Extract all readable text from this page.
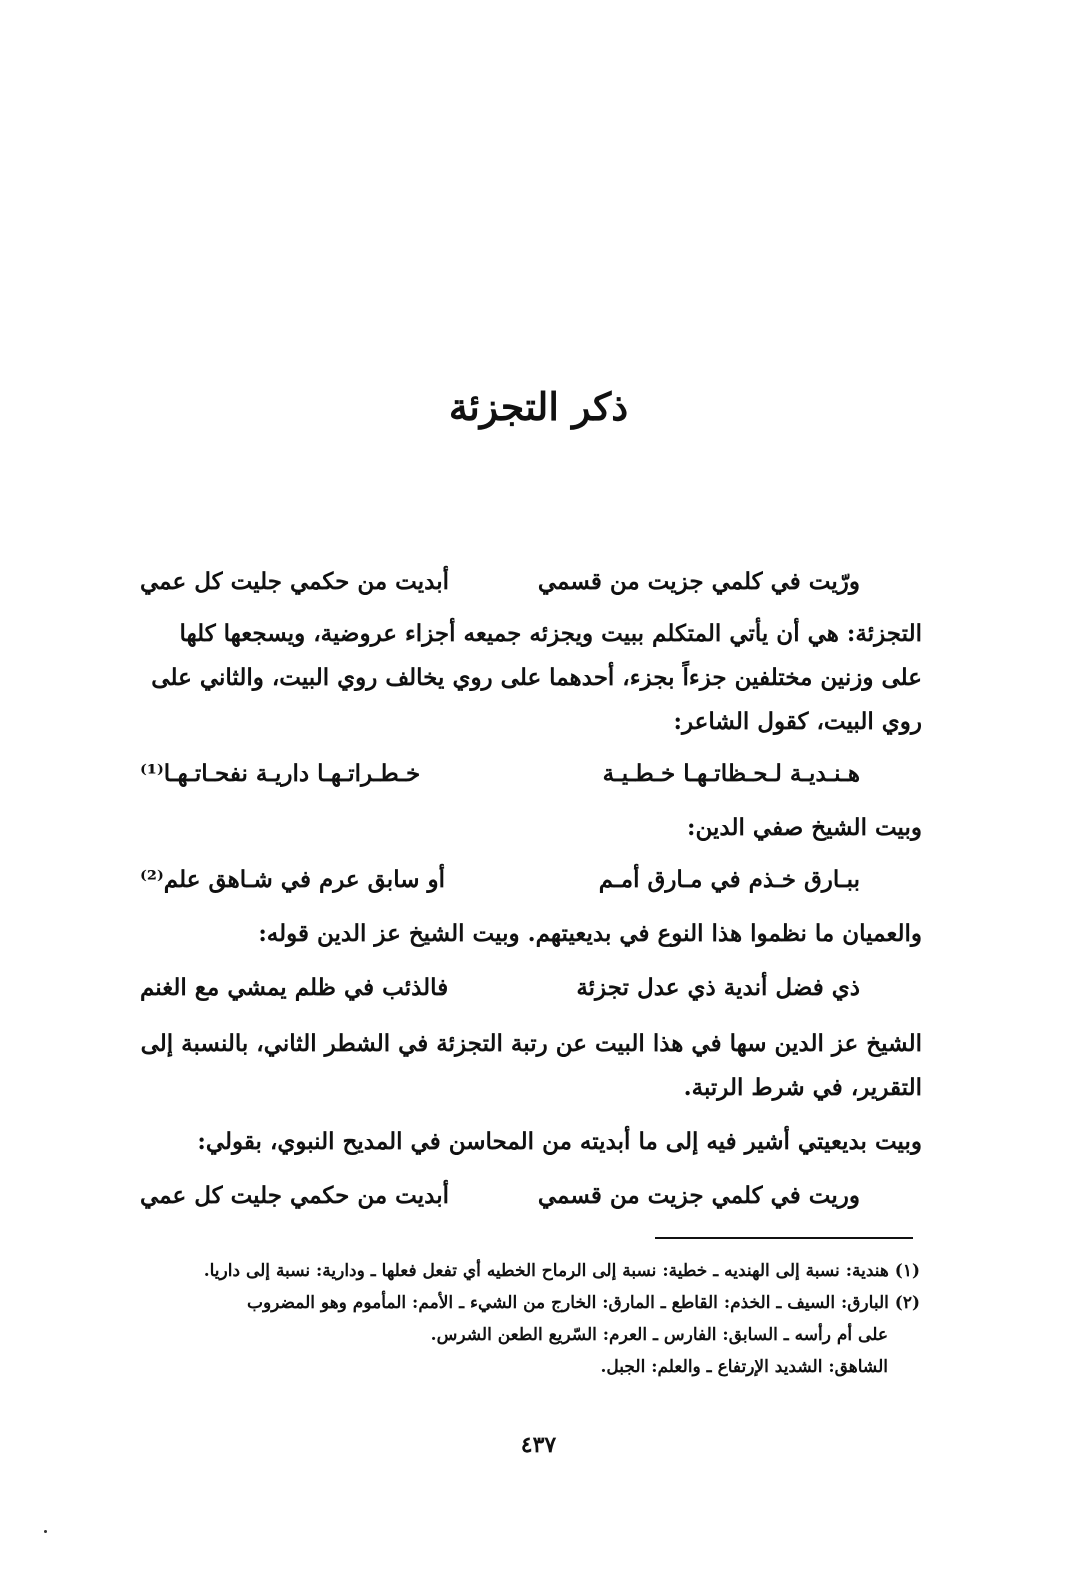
ذكر التجزئة
ورّيت في كلمي جزيت من قسمي
أبديت من حكمي جليت كل عمي
التجزئة: هي أن يأتي المتكلم ببيت ويجزئه جميعه أجزاء عروضية، ويسجعها كلها
على وزنين مختلفين جزءاً بجزء، أحدهما على روي يخالف روي البيت، والثاني على
روي البيت، كقول الشاعر:
هـنـديـة لـحـظاتـهـا خـطـيـة
خـطـراتـهـا داريـة نفحـاتـهـا⁽¹⁾
وبيت الشيخ صفي الدين:
ببـارق خـذم في مـارق أمـم
أو سابق عرم في شـاهق علم⁽²⁾
والعميان ما نظموا هذا النوع في بديعيتهم. وبيت الشيخ عز الدين قوله:
ذي فضل أندية ذي عدل تجزئة
فالذئب في ظلم يمشي مع الغنم
الشيخ عز الدين سها في هذا البيت عن رتبة التجزئة في الشطر الثاني، بالنسبة إلى
التقرير، في شرط الرتبة.
وبيت بديعيتي أشير فيه إلى ما أبديته من المحاسن في المديح النبوي، بقولي:
وريت في كلمي جزيت من قسمي
أبديت من حكمي جليت كل عمي
(١) هندية: نسبة إلى الهنديه ـ خطية: نسبة إلى الرماح الخطيه أي تفعل فعلها ـ ودارية: نسبة إلى داريا.
(٢) البارق: السيف ـ الخذم: القاطع ـ المارق: الخارج من الشيء ـ الأمم: المأموم وهو المضروب
على أم رأسه ـ السابق: الفارس ـ العرم: السّريع الطعن الشرس.
الشاهق: الشديد الإرتفاع ـ والعلم: الجبل.
٤٣٧
